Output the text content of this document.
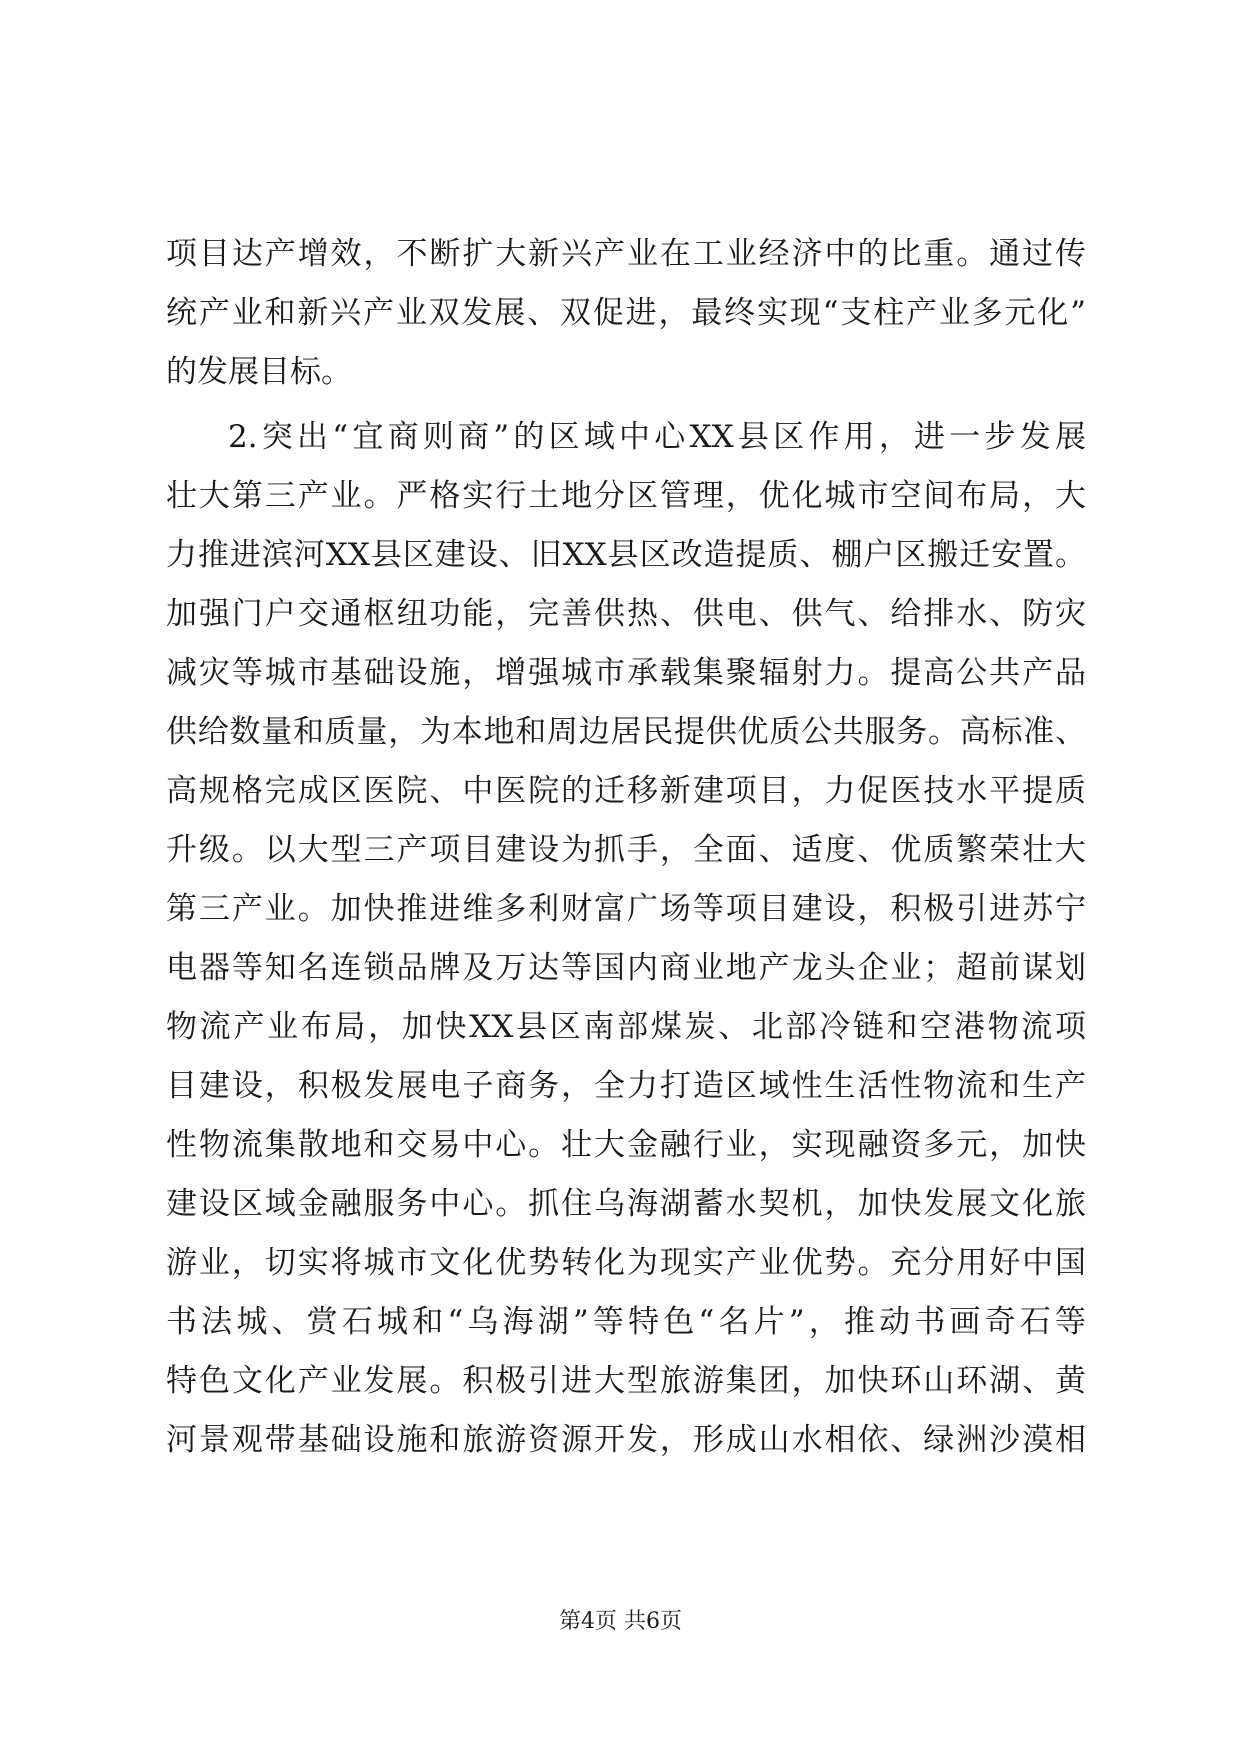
项目达产增效，不断扩大新兴产业在工业经济中的比重。通过传
统产业和新兴产业双发展、双促进，最终实现“支柱产业多元化”
的发展目标。
2.突出“宜商则商”的区域中心XX县区作用，进一步发展
壮大第三产业。严格实行土地分区管理，优化城市空间布局，大
力推进滨河XX县区建设、旧XX县区改造提质、棚户区搬迁安置。
加强门户交通枢纽功能，完善供热、供电、供气、给排水、防灾
减灾等城市基础设施，增强城市承载集聚辐射力。提高公共产品
供给数量和质量，为本地和周边居民提供优质公共服务。高标准、
高规格完成区医院、中医院的迁移新建项目，力促医技水平提质
升级。以大型三产项目建设为抓手，全面、适度、优质繁荣壮大
第三产业。加快推进维多利财富广场等项目建设，积极引进苏宁
电器等知名连锁品牌及万达等国内商业地产龙头企业；超前谋划
物流产业布局，加快XX县区南部煤炭、北部冷链和空港物流项
目建设，积极发展电子商务，全力打造区域性生活性物流和生产
性物流集散地和交易中心。壮大金融行业，实现融资多元，加快
建设区域金融服务中心。抓住乌海湖蓄水契机，加快发展文化旅
游业，切实将城市文化优势转化为现实产业优势。充分用好中国
书法城、赏石城和“乌海湖”等特色“名片”，推动书画奇石等
特色文化产业发展。积极引进大型旅游集团，加快环山环湖、黄
河景观带基础设施和旅游资源开发，形成山水相依、绿洲沙漠相
第4页 共6页
